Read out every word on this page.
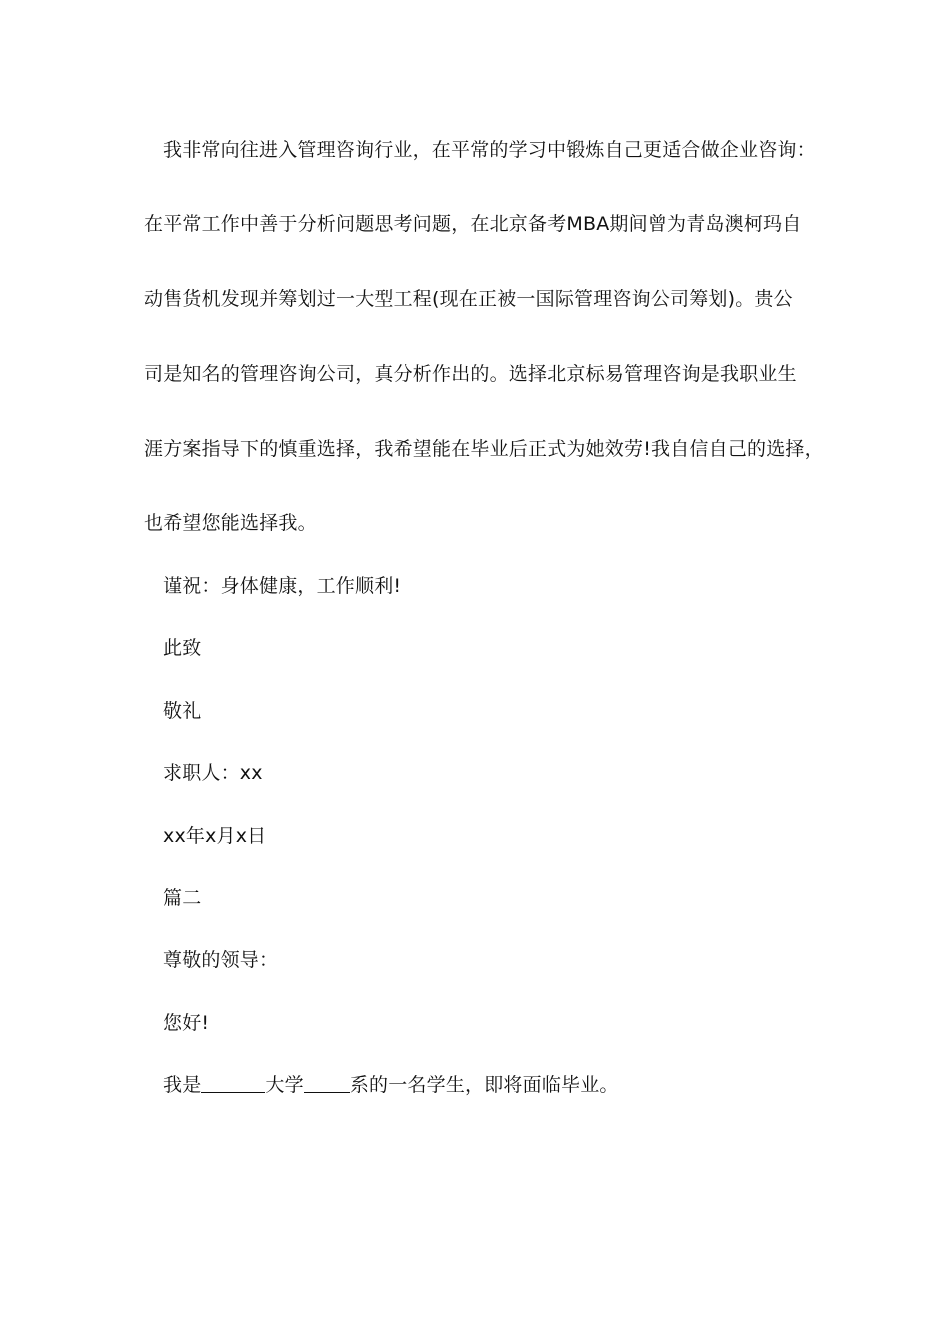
我非常向往进入管理咨询行业，在平常的学习中锻炼自己更适合做企业咨询：
在平常工作中善于分析问题思考问题，在北京备考MBA期间曾为青岛澳柯玛自
动售货机发现并筹划过一大型工程(现在正被一国际管理咨询公司筹划)。贵公
司是知名的管理咨询公司，真分析作出的。选择北京标易管理咨询是我职业生
涯方案指导下的慎重选择，我希望能在毕业后正式为她效劳!我自信自己的选择，
也希望您能选择我。
谨祝：身体健康，工作顺利!
此致
敬礼
求职人：xx
xx年x月x日
篇二
尊敬的领导：
您好!
我是	大学 系的一名学生，即将面临毕业。
